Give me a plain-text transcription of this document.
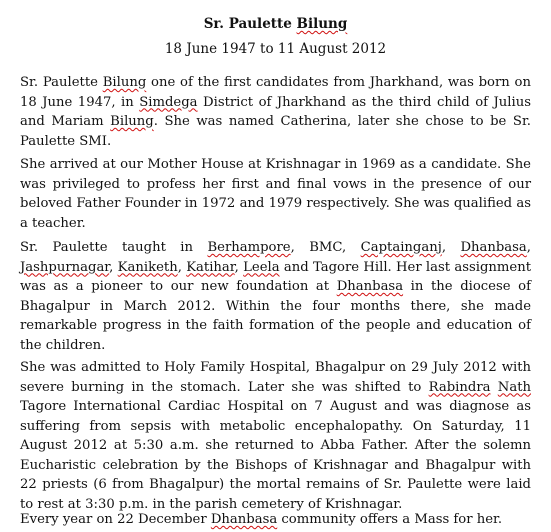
Sr. Paulette Bilung

18 June 1947 to 11 August 2012

Sr. Paulette Bilung one of the first candidates from Jharkhand, was born on 18 June 1947, in Simdega District of Jharkhand as the third child of Julius and Mariam Bilung. She was named Catherina, later she chose to be Sr. Paulette SMI.

She arrived at our Mother House at Krishnagar in 1969 as a candidate. She was privileged to profess her first and final vows in the presence of our beloved Father Founder in 1972 and 1979 respectively. She was qualified as a teacher.

Sr. Paulette taught in Berhampore, BMC, Captainganj, Dhanbasa, Jashpurnagar, Kaniketh, Katihar, Leela and Tagore Hill. Her last assignment was as a pioneer to our new foundation at Dhanbasa in the diocese of Bhagalpur in March 2012. Within the four months there, she made remarkable progress in the faith formation of the people and education of the children.

She was admitted to Holy Family Hospital, Bhagalpur on 29 July 2012 with severe burning in the stomach. Later she was shifted to Rabindra Nath Tagore International Cardiac Hospital on 7 August and was diagnose as suffering from sepsis with metabolic encephalopathy. On Saturday, 11 August 2012 at 5:30 a.m. she returned to Abba Father. After the solemn Eucharistic celebration by the Bishops of Krishnagar and Bhagalpur with 22 priests (6 from Bhagalpur) the mortal remains of Sr. Paulette were laid to rest at 3:30 p.m. in the parish cemetery of Krishnagar.

Every year on 22 December Dhanbasa community offers a Mass for her.
